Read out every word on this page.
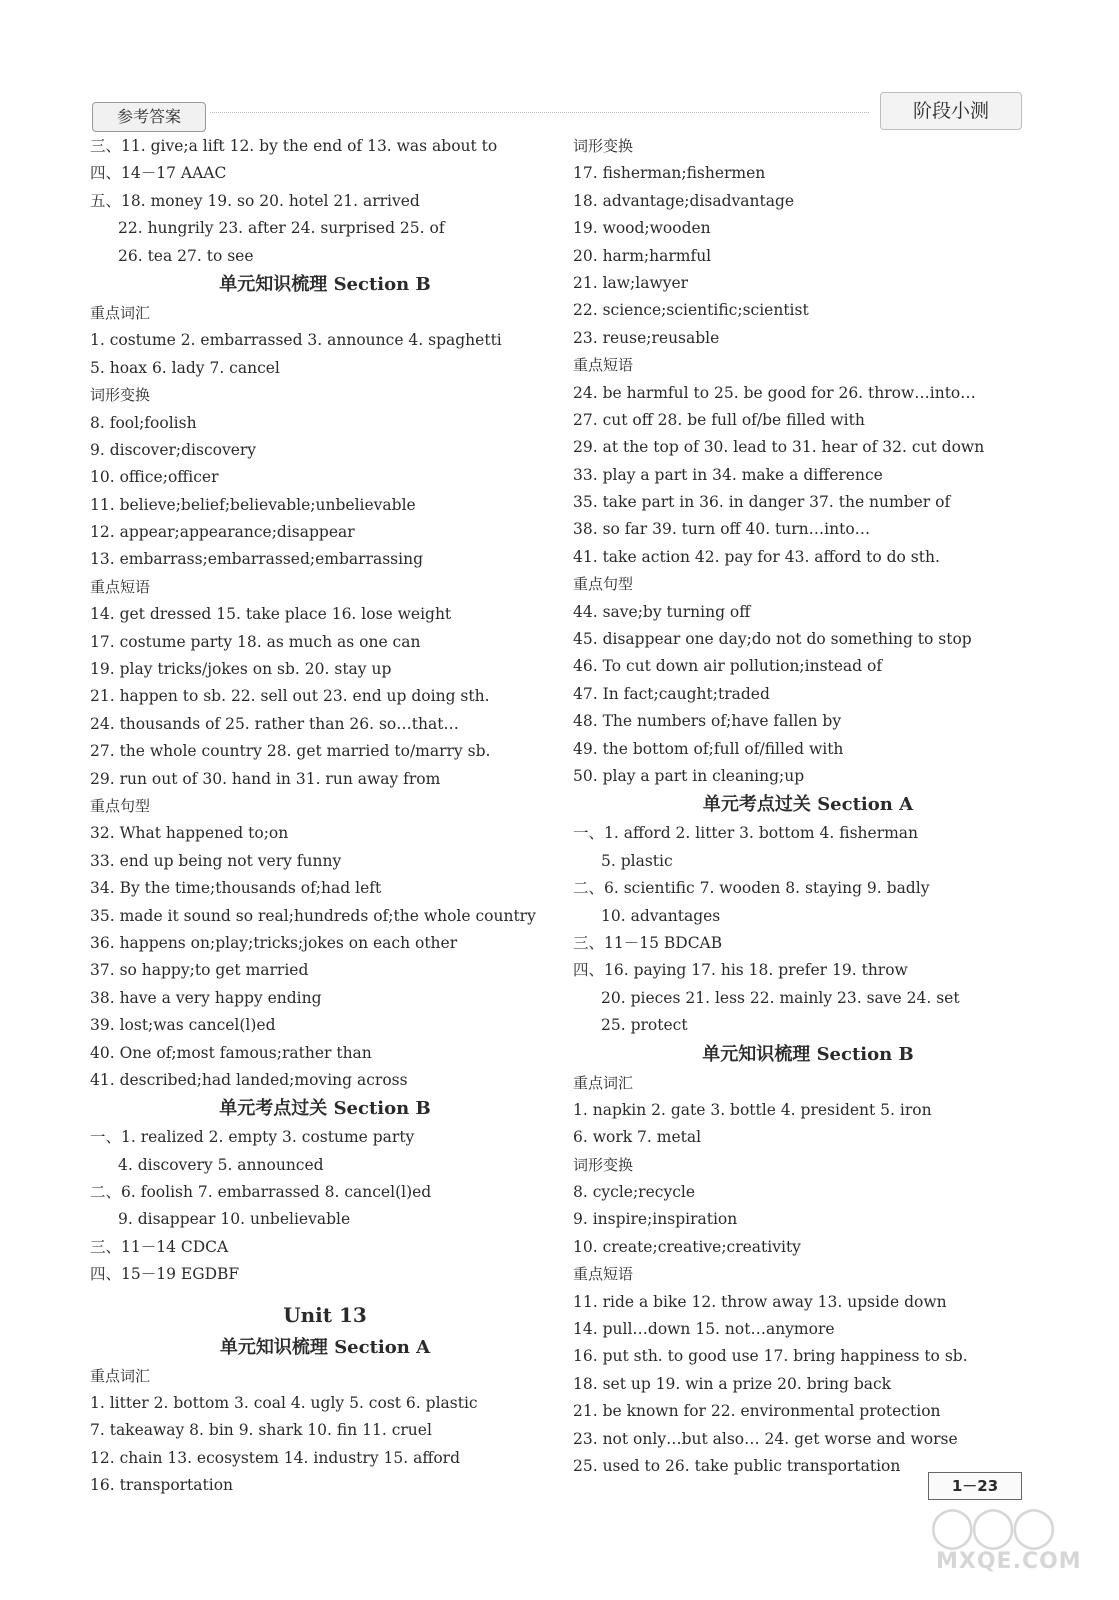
参考答案	阶段小测
三、11. give;a lift 12. by the end of 13. was about to
四、14－17 AAAC
五、18. money 19. so 20. hotel 21. arrived
22. hungrily 23. after 24. surprised 25. of
26. tea 27. to see
单元知识梳理 Section B
重点词汇
1. costume 2. embarrassed 3. announce 4. spaghetti
5. hoax 6. lady 7. cancel
词形变换
8. fool;foolish
9. discover;discovery
10. office;officer
11. believe;belief;believable;unbelievable
12. appear;appearance;disappear
13. embarrass;embarrassed;embarrassing
重点短语
14. get dressed 15. take place 16. lose weight
17. costume party 18. as much as one can
19. play tricks/jokes on sb. 20. stay up
21. happen to sb. 22. sell out 23. end up doing sth.
24. thousands of 25. rather than 26. so…that…
27. the whole country 28. get married to/marry sb.
29. run out of 30. hand in 31. run away from
重点句型
32. What happened to;on
33. end up being not very funny
34. By the time;thousands of;had left
35. made it sound so real;hundreds of;the whole country
36. happens on;play;tricks;jokes on each other
37. so happy;to get married
38. have a very happy ending
39. lost;was cancel(l)ed
40. One of;most famous;rather than
41. described;had landed;moving across
单元考点过关 Section B
一、1. realized 2. empty 3. costume party
4. discovery 5. announced
二、6. foolish 7. embarrassed 8. cancel(l)ed
9. disappear 10. unbelievable
三、11－14 CDCA
四、15－19 EGDBF
Unit 13
单元知识梳理 Section A
重点词汇
1. litter 2. bottom 3. coal 4. ugly 5. cost 6. plastic
7. takeaway 8. bin 9. shark 10. fin 11. cruel
12. chain 13. ecosystem 14. industry 15. afford
16. transportation
词形变换
17. fisherman;fishermen
18. advantage;disadvantage
19. wood;wooden
20. harm;harmful
21. law;lawyer
22. science;scientific;scientist
23. reuse;reusable
重点短语
24. be harmful to 25. be good for 26. throw…into…
27. cut off 28. be full of/be filled with
29. at the top of 30. lead to 31. hear of 32. cut down
33. play a part in 34. make a difference
35. take part in 36. in danger 37. the number of
38. so far 39. turn off 40. turn…into…
41. take action 42. pay for 43. afford to do sth.
重点句型
44. save;by turning off
45. disappear one day;do not do something to stop
46. To cut down air pollution;instead of
47. In fact;caught;traded
48. The numbers of;have fallen by
49. the bottom of;full of/filled with
50. play a part in cleaning;up
单元考点过关 Section A
一、1. afford 2. litter 3. bottom 4. fisherman
5. plastic
二、6. scientific 7. wooden 8. staying 9. badly
10. advantages
三、11－15 BDCAB
四、16. paying 17. his 18. prefer 19. throw
20. pieces 21. less 22. mainly 23. save 24. set
25. protect
单元知识梳理 Section B
重点词汇
1. napkin 2. gate 3. bottle 4. president 5. iron
6. work 7. metal
词形变换
8. cycle;recycle
9. inspire;inspiration
10. create;creative;creativity
重点短语
11. ride a bike 12. throw away 13. upside down
14. pull…down 15. not…anymore
16. put sth. to good use 17. bring happiness to sb.
18. set up 19. win a prize 20. bring back
21. be known for 22. environmental protection
23. not only…but also… 24. get worse and worse
25. used to 26. take public transportation
1－23
◯◯◯
MXQE.COM
